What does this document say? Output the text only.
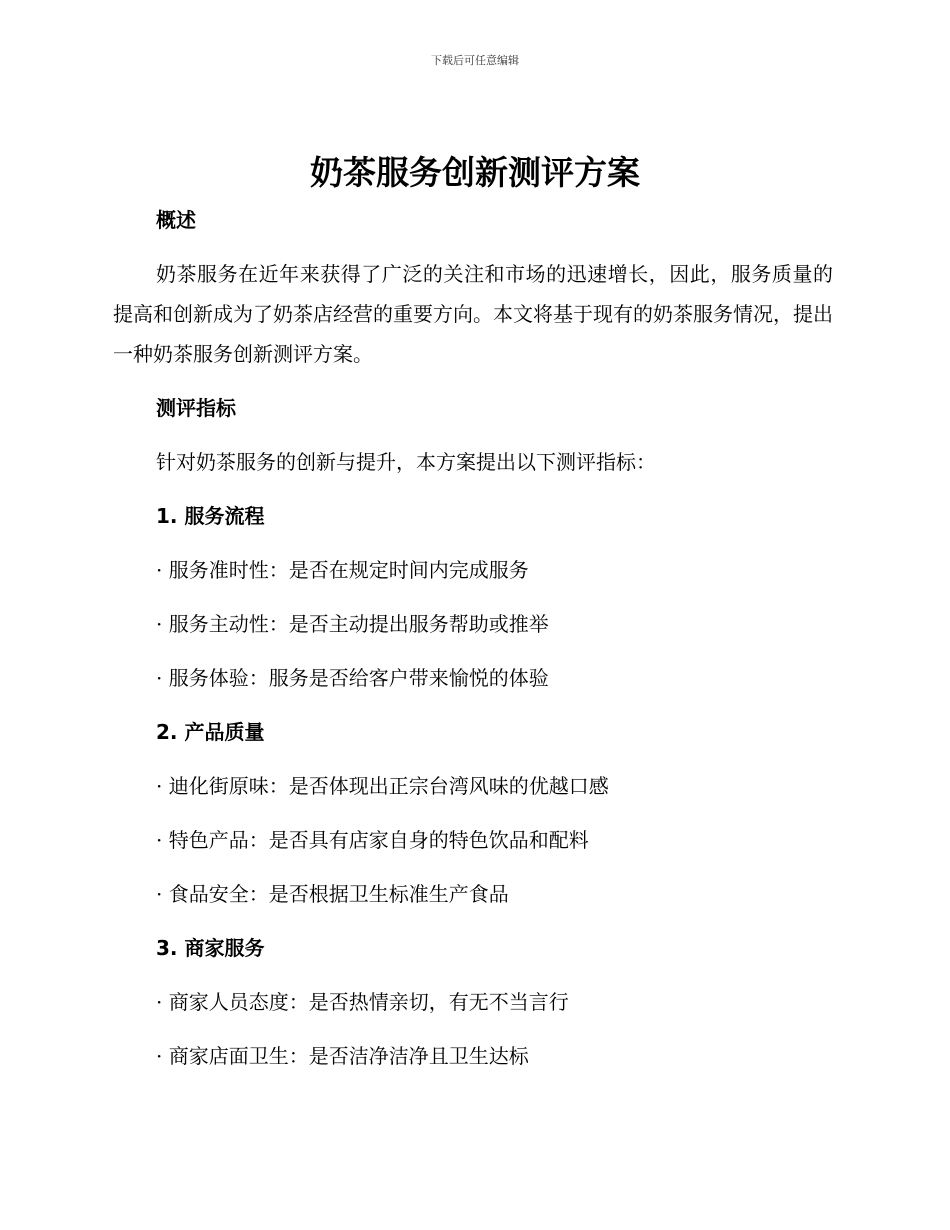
下载后可任意编辑
奶茶服务创新测评方案
概述

奶茶服务在近年来获得了广泛的关注和市场的迅速增长，因此，服务质量的提高和创新成为了奶茶店经营的重要方向。本文将基于现有的奶茶服务情况，提出一种奶茶服务创新测评方案。

测评指标

针对奶茶服务的创新与提升，本方案提出以下测评指标：

1. 服务流程

· 服务准时性：是否在规定时间内完成服务

· 服务主动性：是否主动提出服务帮助或推举

· 服务体验：服务是否给客户带来愉悦的体验

2. 产品质量

· 迪化街原味：是否体现出正宗台湾风味的优越口感

· 特色产品：是否具有店家自身的特色饮品和配料

· 食品安全：是否根据卫生标准生产食品

3. 商家服务

· 商家人员态度：是否热情亲切，有无不当言行

· 商家店面卫生：是否洁净洁净且卫生达标
